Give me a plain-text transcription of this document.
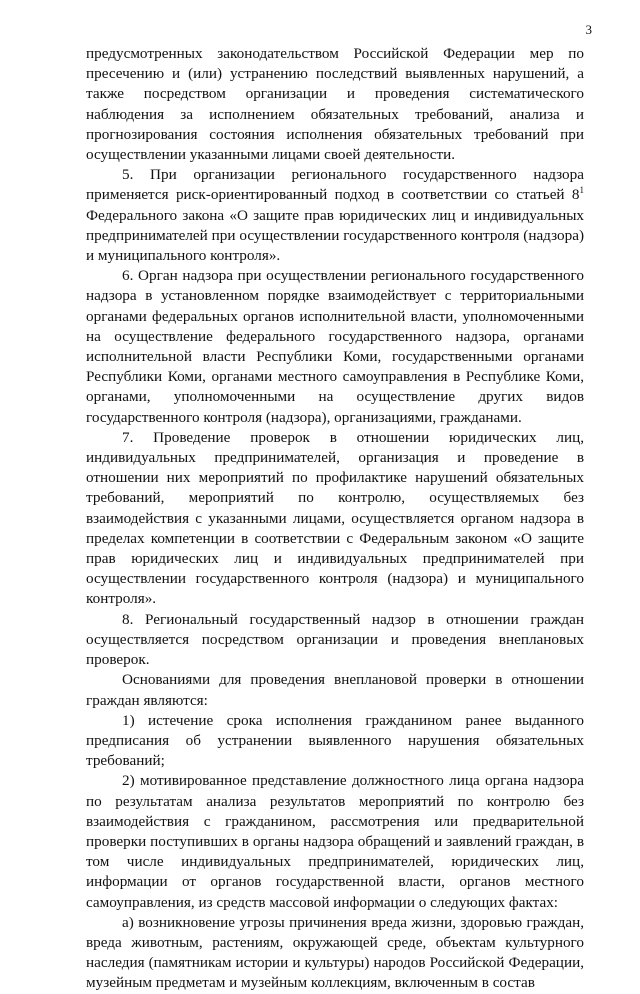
3

предусмотренных законодательством Российской Федерации мер по пресечению и (или) устранению последствий выявленных нарушений, а также посредством организации и проведения систематического наблюдения за исполнением обязательных требований, анализа и прогнозирования состояния исполнения обязательных требований при осуществлении указанными лицами своей деятельности.

5. При организации регионального государственного надзора применяется риск-ориентированный подход в соответствии со статьей $8^1$ Федерального закона «О защите прав юридических лиц и индивидуальных предпринимателей при осуществлении государственного контроля (надзора) и муниципального контроля».

6. Орган надзора при осуществлении регионального государственного надзора в установленном порядке взаимодействует с территориальными органами федеральных органов исполнительной власти, уполномоченными на осуществление федерального государственного надзора, органами исполнительной власти Республики Коми, государственными органами Республики Коми, органами местного самоуправления в Республике Коми, органами, уполномоченными на осуществление других видов государственного контроля (надзора), организациями, гражданами.

7. Проведение проверок в отношении юридических лиц, индивидуальных предпринимателей, организация и проведение в отношении них мероприятий по профилактике нарушений обязательных требований, мероприятий по контролю, осуществляемых без взаимодействия с указанными лицами, осуществляется органом надзора в пределах компетенции в соответствии с Федеральным законом «О защите прав юридических лиц и индивидуальных предпринимателей при осуществлении государственного контроля (надзора) и муниципального контроля».

8. Региональный государственный надзор в отношении граждан осуществляется посредством организации и проведения внеплановых проверок.

Основаниями для проведения внеплановой проверки в отношении граждан являются:

1) истечение срока исполнения гражданином ранее выданного предписания об устранении выявленного нарушения обязательных требований;

2) мотивированное представление должностного лица органа надзора по результатам анализа результатов мероприятий по контролю без взаимодействия с гражданином, рассмотрения или предварительной проверки поступивших в органы надзора обращений и заявлений граждан, в том числе индивидуальных предпринимателей, юридических лиц, информации от органов государственной власти, органов местного самоуправления, из средств массовой информации о следующих фактах:

а) возникновение угрозы причинения вреда жизни, здоровью граждан, вреда животным, растениям, окружающей среде, объектам культурного наследия (памятникам истории и культуры) народов Российской Федерации, музейным предметам и музейным коллекциям, включенным в состав
